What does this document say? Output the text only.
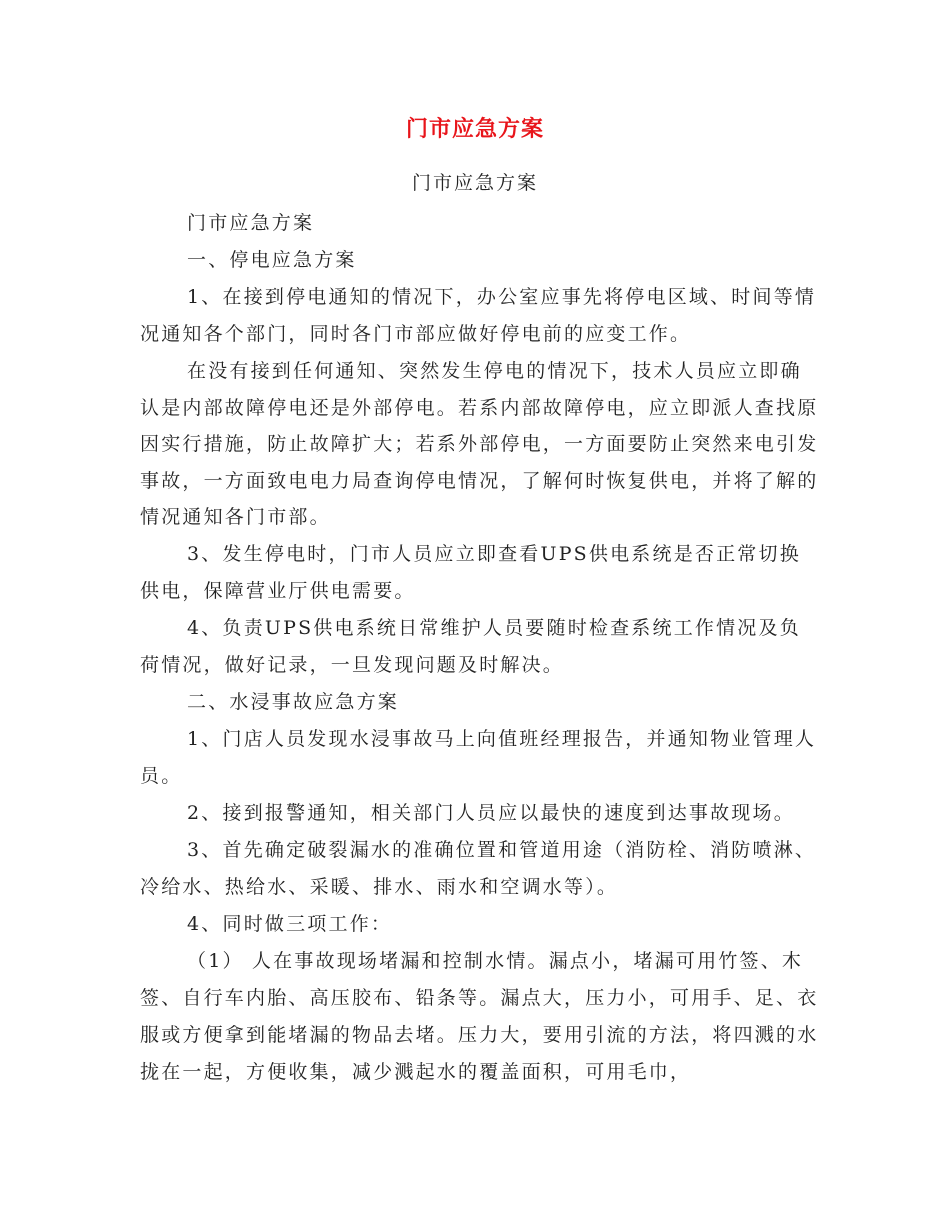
门市应急方案
门市应急方案

门市应急方案

一、停电应急方案

1、在接到停电通知的情况下，办公室应事先将停电区域、时间等情况通知各个部门，同时各门市部应做好停电前的应变工作。

在没有接到任何通知、突然发生停电的情况下，技术人员应立即确认是内部故障停电还是外部停电。若系内部故障停电，应立即派人查找原因实行措施，防止故障扩大；若系外部停电，一方面要防止突然来电引发事故，一方面致电电力局查询停电情况，了解何时恢复供电，并将了解的情况通知各门市部。

3、发生停电时，门市人员应立即查看UPS供电系统是否正常切换供电，保障营业厅供电需要。

4、负责UPS供电系统日常维护人员要随时检查系统工作情况及负荷情况，做好记录，一旦发现问题及时解决。

二、水浸事故应急方案

1、门店人员发现水浸事故马上向值班经理报告，并通知物业管理人员。

2、接到报警通知，相关部门人员应以最快的速度到达事故现场。

3、首先确定破裂漏水的准确位置和管道用途（消防栓、消防喷淋、冷给水、热给水、采暖、排水、雨水和空调水等）。

4、同时做三项工作：

（1） 人在事故现场堵漏和控制水情。漏点小，堵漏可用竹签、木签、自行车内胎、高压胶布、铅条等。漏点大，压力小，可用手、足、衣服或方便拿到能堵漏的物品去堵。压力大，要用引流的方法，将四溅的水拢在一起，方便收集，减少溅起水的覆盖面积，可用毛巾，
